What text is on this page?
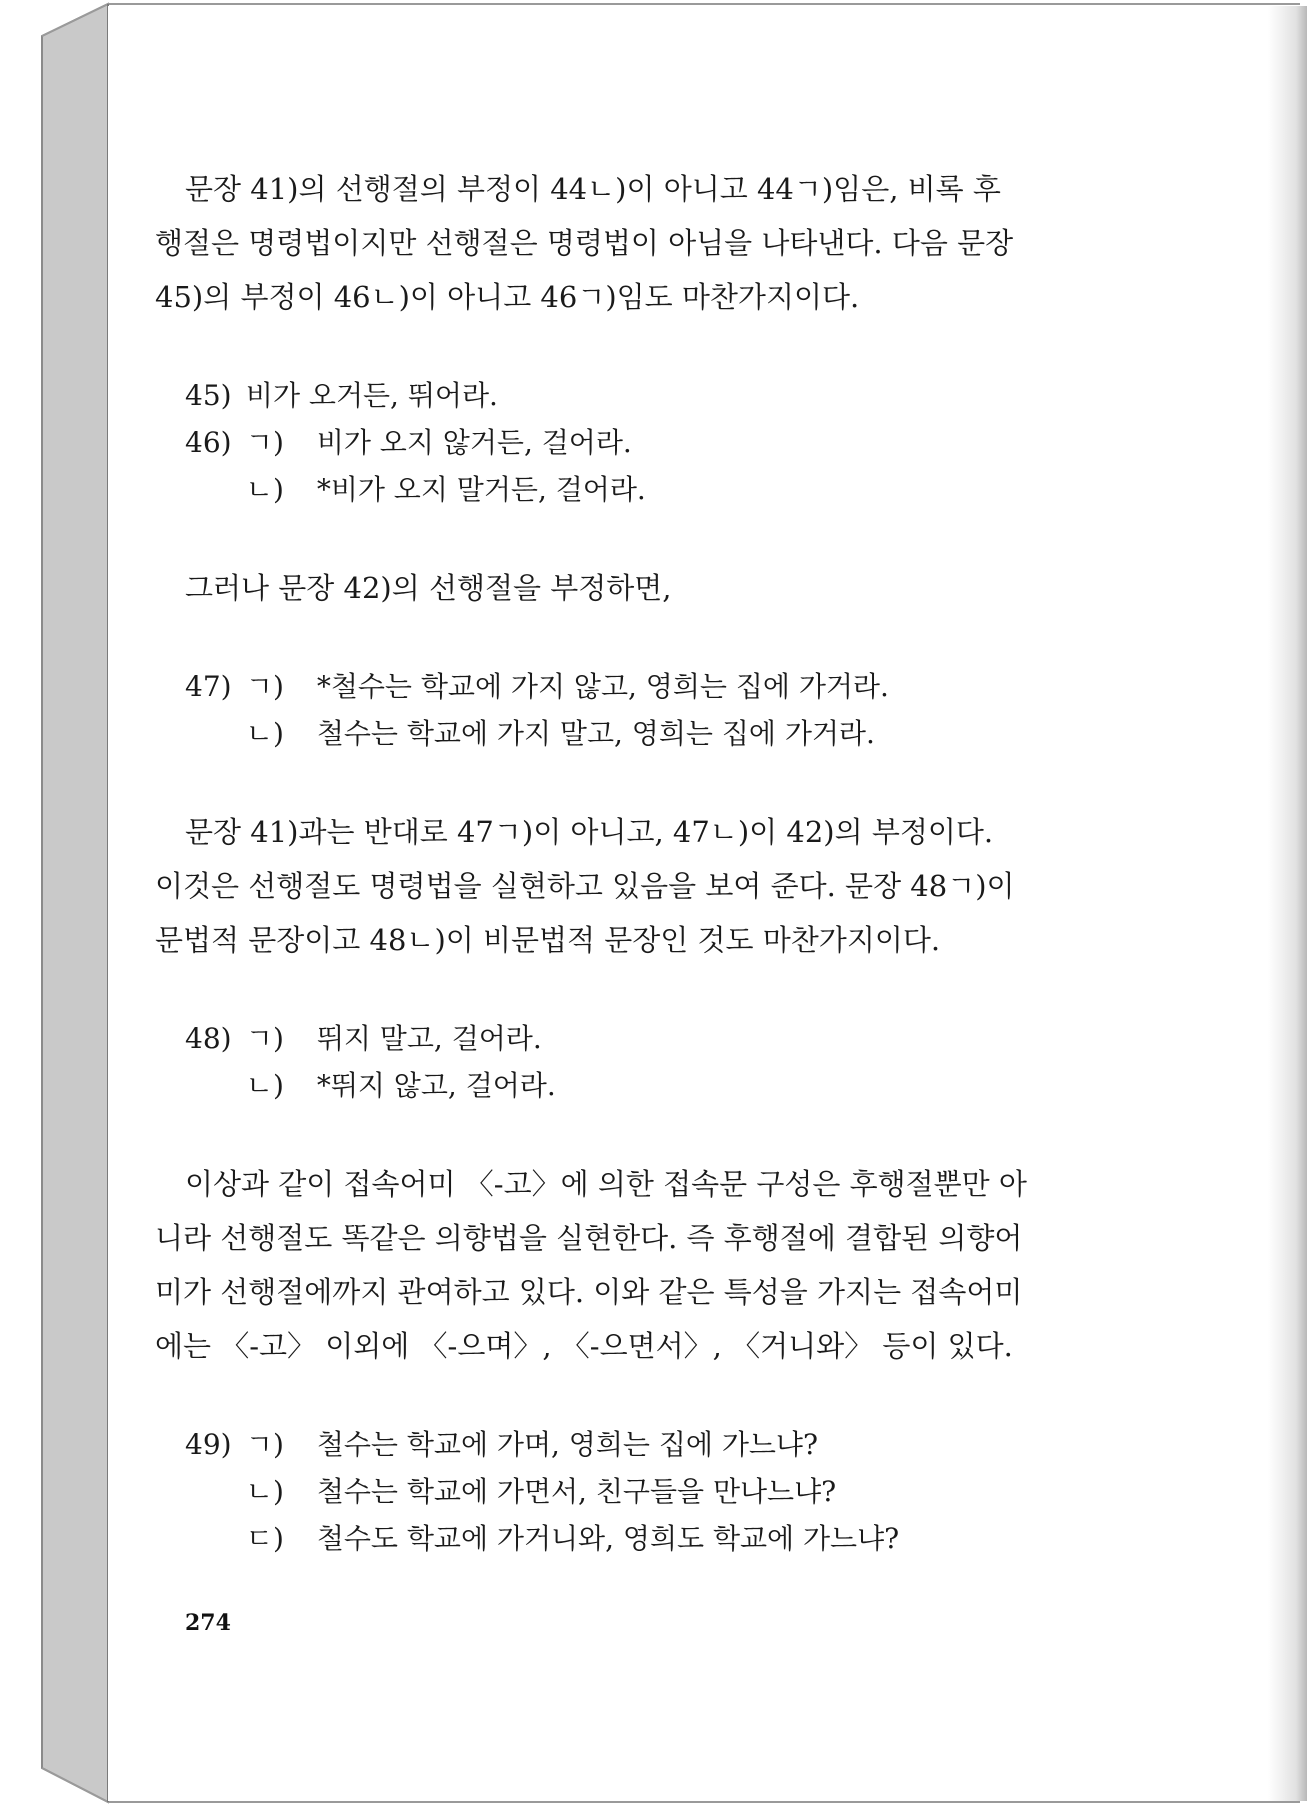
문장 41)의 선행절의 부정이 44ㄴ)이 아니고 44ㄱ)임은, 비록 후
행절은 명령법이지만 선행절은 명령법이 아님을 나타낸다. 다음 문장
45)의 부정이 46ㄴ)이 아니고 46ㄱ)임도 마찬가지이다.

45) 비가 오거든, 뛰어라.
46) ㄱ) 비가 오지 않거든, 걸어라.
ㄴ) *비가 오지 말거든, 걸어라.

그러나 문장 42)의 선행절을 부정하면,

47) ㄱ) *철수는 학교에 가지 않고, 영희는 집에 가거라.
ㄴ) 철수는 학교에 가지 말고, 영희는 집에 가거라.

문장 41)과는 반대로 47ㄱ)이 아니고, 47ㄴ)이 42)의 부정이다.
이것은 선행절도 명령법을 실현하고 있음을 보여 준다. 문장 48ㄱ)이
문법적 문장이고 48ㄴ)이 비문법적 문장인 것도 마찬가지이다.

48) ㄱ) 뛰지 말고, 걸어라.
ㄴ) *뛰지 않고, 걸어라.

이상과 같이 접속어미 〈-고〉에 의한 접속문 구성은 후행절뿐만 아
니라 선행절도 똑같은 의향법을 실현한다. 즉 후행절에 결합된 의향어
미가 선행절에까지 관여하고 있다. 이와 같은 특성을 가지는 접속어미
에는 〈-고〉 이외에 〈-으며〉, 〈-으면서〉, 〈거니와〉 등이 있다.

49) ㄱ) 철수는 학교에 가며, 영희는 집에 가느냐?
ㄴ) 철수는 학교에 가면서, 친구들을 만나느냐?
ㄷ) 철수도 학교에 가거니와, 영희도 학교에 가느냐?
274
